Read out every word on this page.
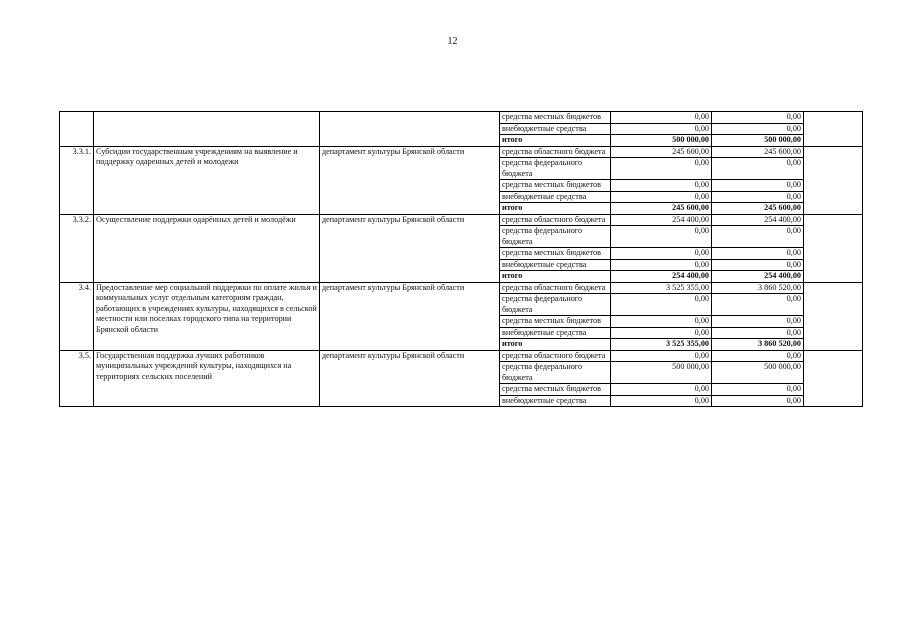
12
			средства местных бюджетов	0,00	0,00	
			внебюджетные средства	0,00	0,00	
			итого	500 000,00	500 000,00	
3.3.1.	Субсидии государственным учреждениям на выявление и поддержку одаренных детей и молодежи	департамент культуры Брянской области	средства областного бюджета	245 600,00	245 600,00	
			средства федерального бюджета	0,00	0,00	
			средства местных бюджетов	0,00	0,00	
			внебюджетные средства	0,00	0,00	
			итого	245 600,00	245 600,00	
3.3.2.	Осуществление поддержки одарённых детей и молодёжи	департамент культуры Брянской области	средства областного бюджета	254 400,00	254 400,00	
			средства федерального бюджета	0,00	0,00	
			средства местных бюджетов	0,00	0,00	
			внебюджетные средства	0,00	0,00	
			итого	254 400,00	254 400,00	
3.4.	Предоставление мер социальной поддержки по оплате жилья и коммунальных услуг отдельным категориям граждан, работающих в учреждениях культуры, находящихся в сельской местности или поселках городского типа на территории Брянской области	департамент культуры Брянской области	средства областного бюджета	3 525 355,00	3 860 520,00	
			средства федерального бюджета	0,00	0,00	
			средства местных бюджетов	0,00	0,00	
			внебюджетные средства	0,00	0,00	
			итого	3 525 355,00	3 860 520,00	
3.5.	Государственная поддержка лучших работников муниципальных учреждений культуры, находящихся на территориях сельских поселений	департамент культуры Брянской области	средства областного бюджета	0,00	0,00	
			средства федерального бюджета	500 000,00	500 000,00	
			средства местных бюджетов	0,00	0,00	
			внебюджетные средства	0,00	0,00	
